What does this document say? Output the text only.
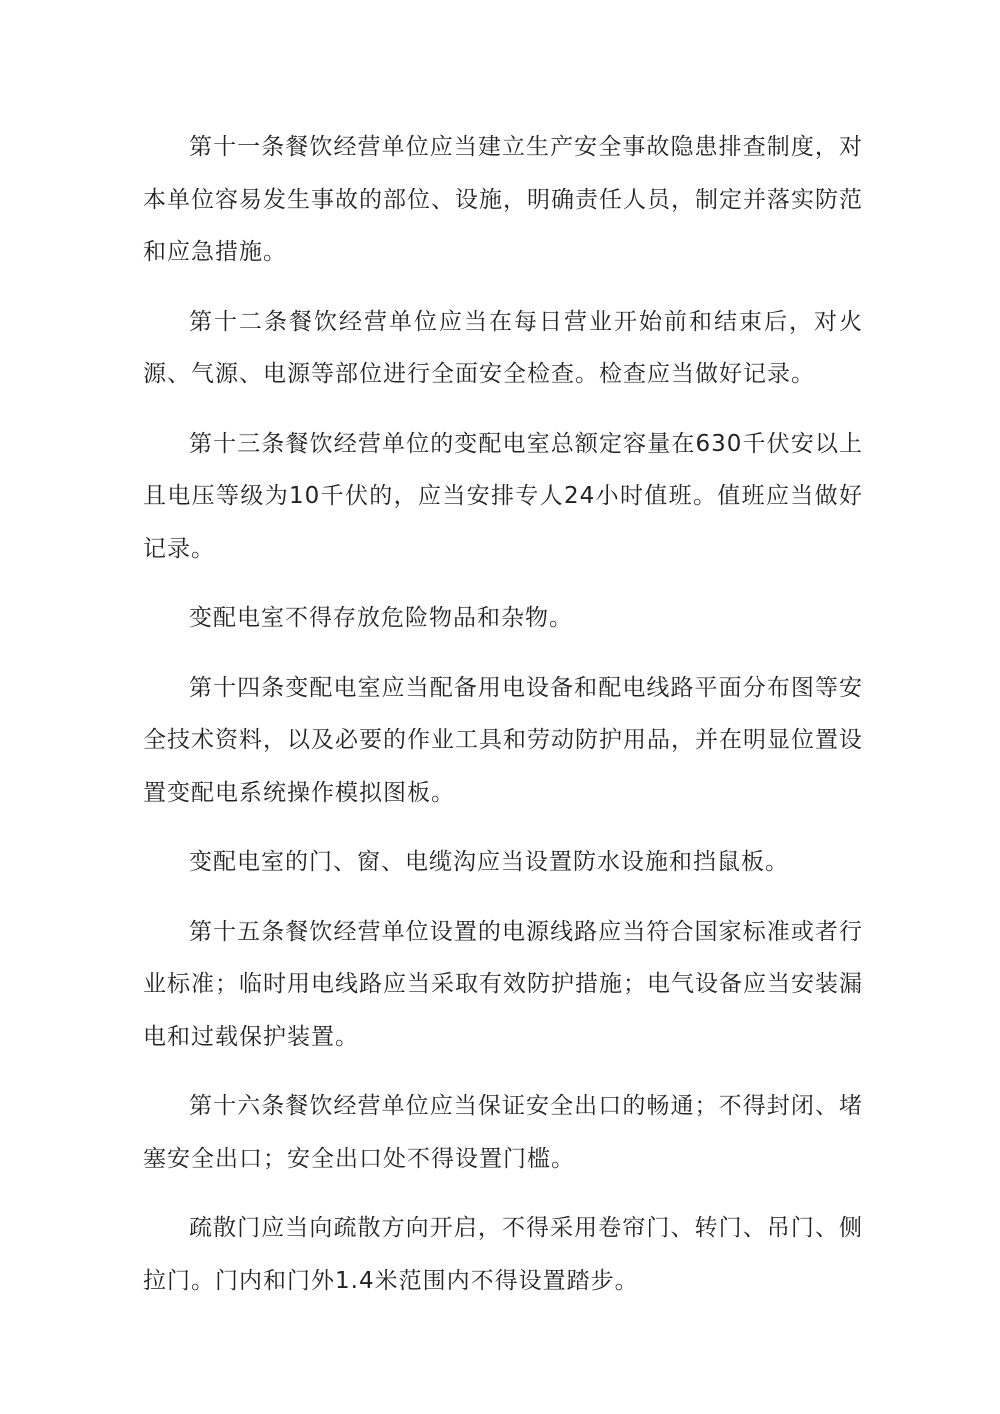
第十一条餐饮经营单位应当建立生产安全事故隐患排查制度，对本单位容易发生事故的部位、设施，明确责任人员，制定并落实防范和应急措施。

第十二条餐饮经营单位应当在每日营业开始前和结束后，对火源、气源、电源等部位进行全面安全检查。检查应当做好记录。

第十三条餐饮经营单位的变配电室总额定容量在630千伏安以上且电压等级为10千伏的，应当安排专人24小时值班。值班应当做好记录。

变配电室不得存放危险物品和杂物。

第十四条变配电室应当配备用电设备和配电线路平面分布图等安全技术资料，以及必要的作业工具和劳动防护用品，并在明显位置设置变配电系统操作模拟图板。

变配电室的门、窗、电缆沟应当设置防水设施和挡鼠板。

第十五条餐饮经营单位设置的电源线路应当符合国家标准或者行业标准；临时用电线路应当采取有效防护措施；电气设备应当安装漏电和过载保护装置。

第十六条餐饮经营单位应当保证安全出口的畅通；不得封闭、堵塞安全出口；安全出口处不得设置门槛。

疏散门应当向疏散方向开启，不得采用卷帘门、转门、吊门、侧拉门。门内和门外1.4米范围内不得设置踏步。
